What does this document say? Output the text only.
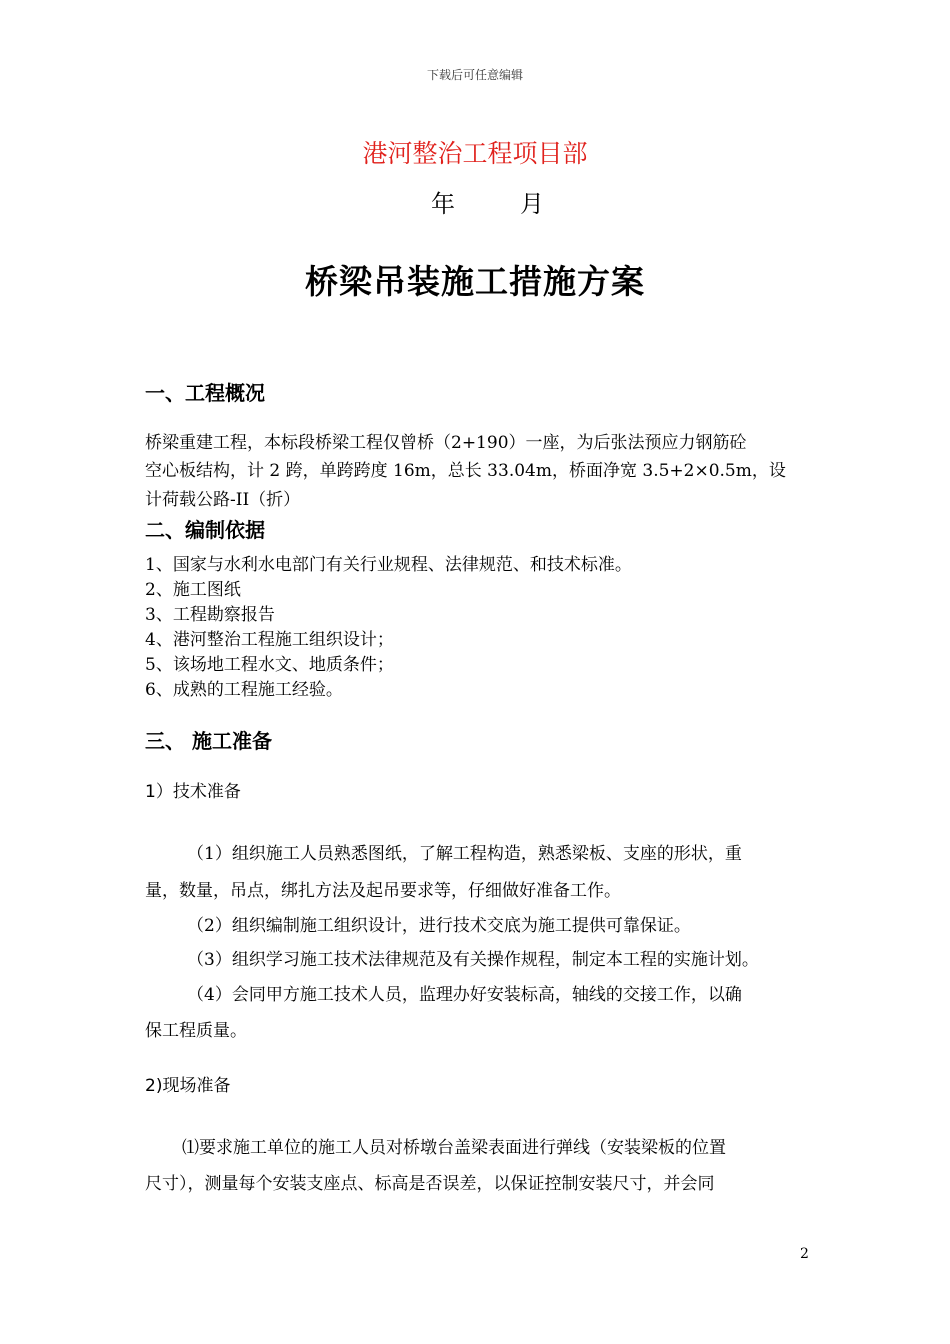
下载后可任意编辑
港河整治工程项目部
年	月
桥梁吊装施工措施方案
一、工程概况
桥梁重建工程，本标段桥梁工程仅曾桥（2+190）一座，为后张法预应力钢筋砼
空心板结构，计 2 跨，单跨跨度 16m，总长 33.04m，桥面净宽 3.5+2×0.5m，设
计荷载公路-II（折）
二、编制依据
1、国家与水利水电部门有关行业规程、法律规范、和技术标准。
2、施工图纸
3、工程勘察报告
4、港河整治工程施工组织设计；
5、该场地工程水文、地质条件；
6、成熟的工程施工经验。
三、 施工准备
1）技术准备
（1）组织施工人员熟悉图纸，了解工程构造，熟悉梁板、支座的形状，重
量，数量，吊点，绑扎方法及起吊要求等，仔细做好准备工作。
（2）组织编制施工组织设计，进行技术交底为施工提供可靠保证。
（3）组织学习施工技术法律规范及有关操作规程，制定本工程的实施计划。
（4）会同甲方施工技术人员，监理办好安装标高，轴线的交接工作，以确
保工程质量。
2)现场准备
⑴要求施工单位的施工人员对桥墩台盖梁表面进行弹线（安装梁板的位置
尺寸），测量每个安装支座点、标高是否误差，以保证控制安装尺寸，并会同
2
